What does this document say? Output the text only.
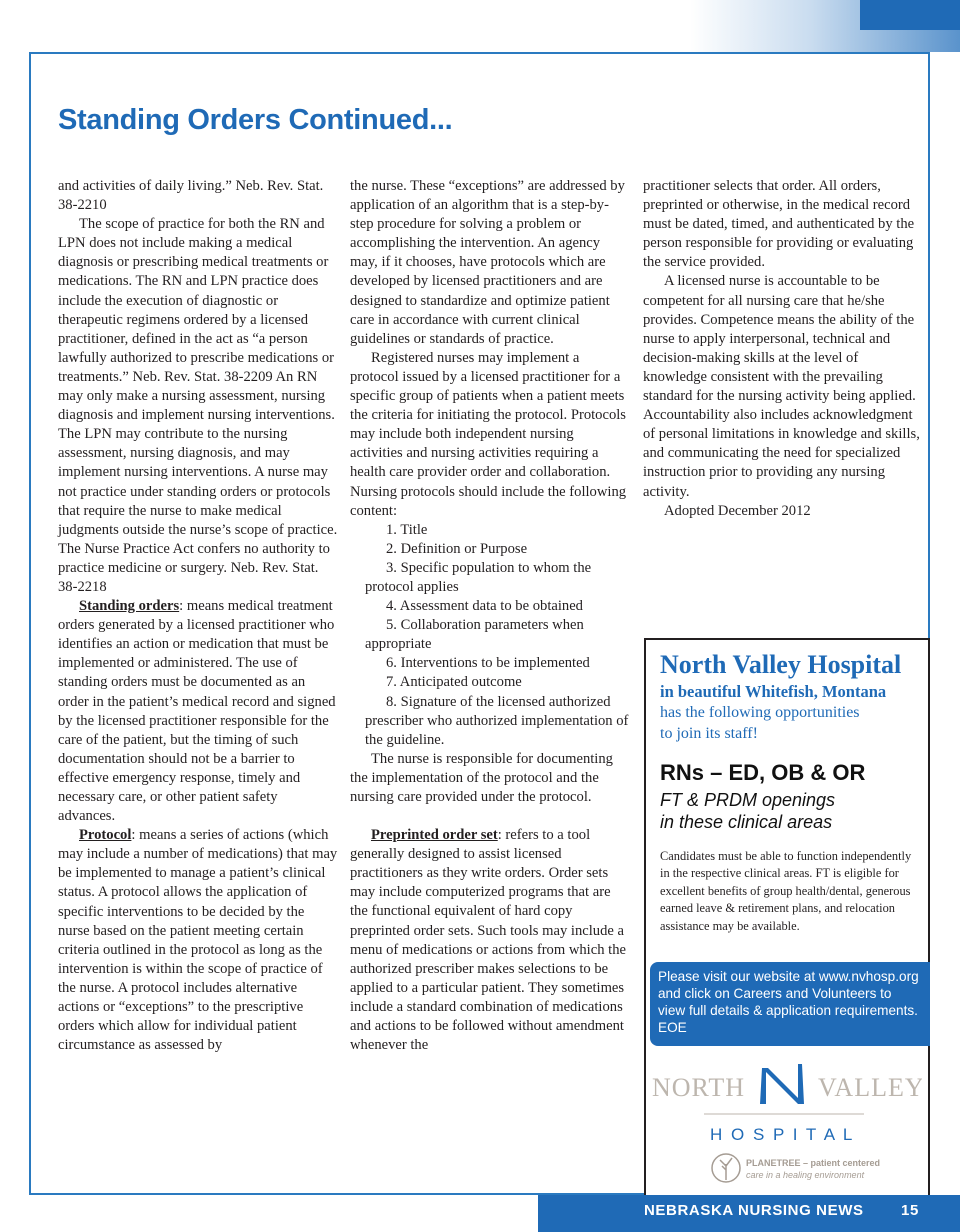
Standing Orders Continued...

and activities of daily living.” Neb. Rev. Stat. 38-2210

The scope of practice for both the RN and LPN does not include making a medical diagnosis or prescribing medical treatments or medications. The RN and LPN practice does include the execution of diagnostic or therapeutic regimens ordered by a licensed practitioner, defined in the act as “a person lawfully authorized to prescribe medications or treatments.” Neb. Rev. Stat. 38-2209 An RN may only make a nursing assessment, nursing diagnosis and implement nursing interventions. The LPN may contribute to the nursing assessment, nursing diagnosis, and may implement nursing interventions. A nurse may not practice under standing orders or protocols that require the nurse to make medical judgments outside the nurse’s scope of practice. The Nurse Practice Act confers no authority to practice medicine or surgery. Neb. Rev. Stat. 38-2218

Standing orders: means medical treatment orders generated by a licensed practitioner who identifies an action or medication that must be implemented or administered. The use of standing orders must be documented as an order in the patient’s medical record and signed by the licensed practitioner responsible for the care of the patient, but the timing of such documentation should not be a barrier to effective emergency response, timely and necessary care, or other patient safety advances.

Protocol: means a series of actions (which may include a number of medications) that may be implemented to manage a patient’s clinical status. A protocol allows the application of specific interventions to be decided by the nurse based on the patient meeting certain criteria outlined in the protocol as long as the intervention is within the scope of practice of the nurse. A protocol includes alternative actions or “exceptions” to the prescriptive orders which allow for individual patient circumstance as assessed by

the nurse. These “exceptions” are addressed by application of an algorithm that is a step-by-step procedure for solving a problem or accomplishing the intervention. An agency may, if it chooses, have protocols which are developed by licensed practitioners and are designed to standardize and optimize patient care in accordance with current clinical guidelines or standards of practice.

Registered nurses may implement a protocol issued by a licensed practitioner for a specific group of patients when a patient meets the criteria for initiating the protocol. Protocols may include both independent nursing activities and nursing activities requiring a health care provider order and collaboration. Nursing protocols should include the following content:

1. Title

2. Definition or Purpose

3. Specific population to whom the protocol applies

4. Assessment data to be obtained

5. Collaboration parameters when appropriate

6. Interventions to be implemented

7. Anticipated outcome

8. Signature of the licensed authorized prescriber who authorized implementation of the guideline.

The nurse is responsible for documenting the implementation of the protocol and the nursing care provided under the protocol.

Preprinted order set: refers to a tool generally designed to assist licensed practitioners as they write orders. Order sets may include computerized programs that are the functional equivalent of hard copy preprinted order sets. Such tools may include a menu of medications or actions from which the authorized prescriber makes selections to be applied to a particular patient. They sometimes include a standard combination of medications and actions to be followed without amendment whenever the

practitioner selects that order. All orders, preprinted or otherwise, in the medical record must be dated, timed, and authenticated by the person responsible for providing or evaluating the service provided.

A licensed nurse is accountable to be competent for all nursing care that he/she provides. Competence means the ability of the nurse to apply interpersonal, technical and decision-making skills at the level of knowledge consistent with the prevailing standard for the nursing activity being applied. Accountability also includes acknowledgment of personal limitations in knowledge and skills, and communicating the need for specialized instruction prior to providing any nursing activity.

Adopted December 2012

North Valley Hospital
in beautiful Whitefish, Montana
has the following opportunities
to join its staff!
RNs – ED, OB & OR
FT & PRDM openings
in these clinical areas
Candidates must be able to function independently in the respective clinical areas. FT is eligible for excellent benefits of group health/dental, generous earned leave & retirement plans, and relocation assistance may be available.
Please visit our website at www.nvhosp.org and click on Careers and Volunteers to view full details & application requirements. EOE
NORTH	VALLEY
H O S P I T A L
PLANETREE – patient centered
care in a healing environment
NEBRASKA NURSING NEWS 15
